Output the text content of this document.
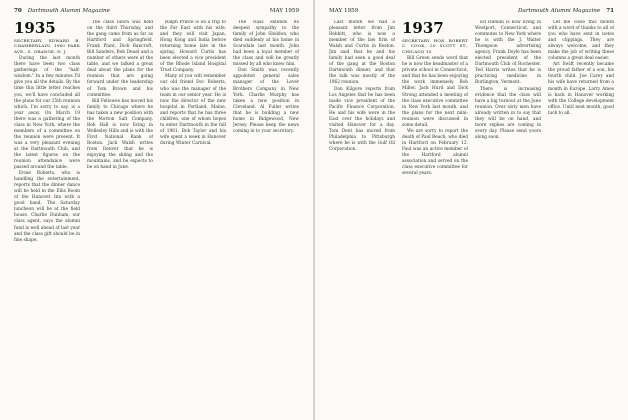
70 Dartmouth Alumni Magazine	MAY 1959
1935
SECRETARY, EDWARD B. CHAMBERLAIN, 1960 PARK AVE., S. ORANGE, N. J.

During the last month there have been two class gatherings of the "half-wisdom." In a few minutes I'll give you all the details. By the time this little letter reaches you, we'll have concluded all the plans for our 25th reunion which, I'm sorry to say, is a year away. On March 19 there was a gathering of the class in New York, where the members of a committee on the reunion were present. It was a very pleasant evening at the Dartmouth Club, and the latest figures on the reunion attendance were passed around the table.

Ernie Roberts, who is handling the entertainment, reports that the dinner dance will be held in the Ellis Room of the Hanover Inn with a good band. The Saturday luncheon will be at the field house. Charlie Dunham, our class agent, says the alumni fund is well ahead of last year and the class gift should be in fine shape.

The class lunch was held on the third Thursday, and the gang came from as far as Hartford and Springfield. Frank Plant, Dick Bancroft, Bill Sanders, Bob Deuel and a number of others were at the table, and we talked a great deal about the plans for the reunion that are going forward under the leadership of Tom Brown and his committee.

Bill Fellowes has moved his family to Chicago where he has taken a new position with the Morton Salt Company. Bob Hall is now living in Wellesley Hills and is with the First National Bank of Boston. Jack Walsh writes from Denver that he is enjoying the skiing and the mountains, and he expects to be on hand in June.

Ralph Prince is on a trip to the Far East with his wife, and they will visit Japan, Hong Kong and India before returning home late in the spring. Howard Curtis has been elected a vice president of the Rhode Island Hospital Trust Company.

Many of you will remember our old friend Doc Roberts, who was the manager of the team in our senior year. He is now the director of the new hospital in Portland, Maine, and reports that he has three children, one of whom hopes to enter Dartmouth in the fall of 1961. Bob Taylor and his wife spent a week in Hanover during Winter Carnival.

The class extends its deepest sympathy to the family of John Sheldon, who died suddenly at his home in Scarsdale last month. John had been a loyal member of the class and will be greatly missed by all who knew him.

Don Smith was recently appointed general sales manager of the Lever Brothers Company in New York. Charlie Murphy has taken a new position in Cleveland. Al Fuller writes that he is building a new home in Ridgewood, New Jersey. Please keep the news coming in to your secretary.

MAY 1959	Dartmouth Alumni Magazine 71

Last month we had a pleasant letter from Jim Rebbitt, who is now a member of the law firm of Walsh and Curtis in Boston. Jim said that he and his family had seen a good deal of the gang at the Boston Dartmouth dinner, and that the talk was mostly of the 1962 reunion.

Don Kilgore reports from Los Angeles that he has been made vice president of the Pacific Finance Corporation. He and his wife were in the East over the holidays and visited Hanover for a day. Tom Dent has moved from Philadelphia to Pittsburgh where he is with the Gulf Oil Corporation.

1937
SECRETARY, HON. ROBERT C. COOK, 20 SCOTT ST., CHICAGO 10

Bill Green sends word that he is now the headmaster of a private school in Connecticut, and that he has been enjoying the work immensely. Bob Miller, Jack Hurd and Dick Strong attended a meeting of the class executive committee in New York last month, and the plans for the next mini-reunion were discussed in some detail.

We are sorry to report the death of Paul Beach, who died in Hartford on February 12. Paul was an active member of the Hartford alumni association and served on the class executive committee for several years.

Ed Hamlin is now living in Westport, Connecticut, and commutes to New York where he is with the J. Walter Thompson advertising agency. Frank Doyle has been elected president of the Dartmouth Club of Rochester. Ted Harris writes that he is practicing medicine in Burlington, Vermont.

There is increasing evidence that the class will have a big turnout at the June reunion. Over sixty men have already written in to say that they will be on hand, and more replies are coming in every day. Please send yours along soon.

Let me close this month with a word of thanks to all of you who have sent in notes and clippings. They are always welcome, and they make the job of writing these columns a great deal easier.

Art Swift recently became the proud father of a son, his fourth child. Joe Carey and his wife have returned from a month in Europe. Larry Ames is back in Hanover working with the College development office. Until next month, good luck to all.
